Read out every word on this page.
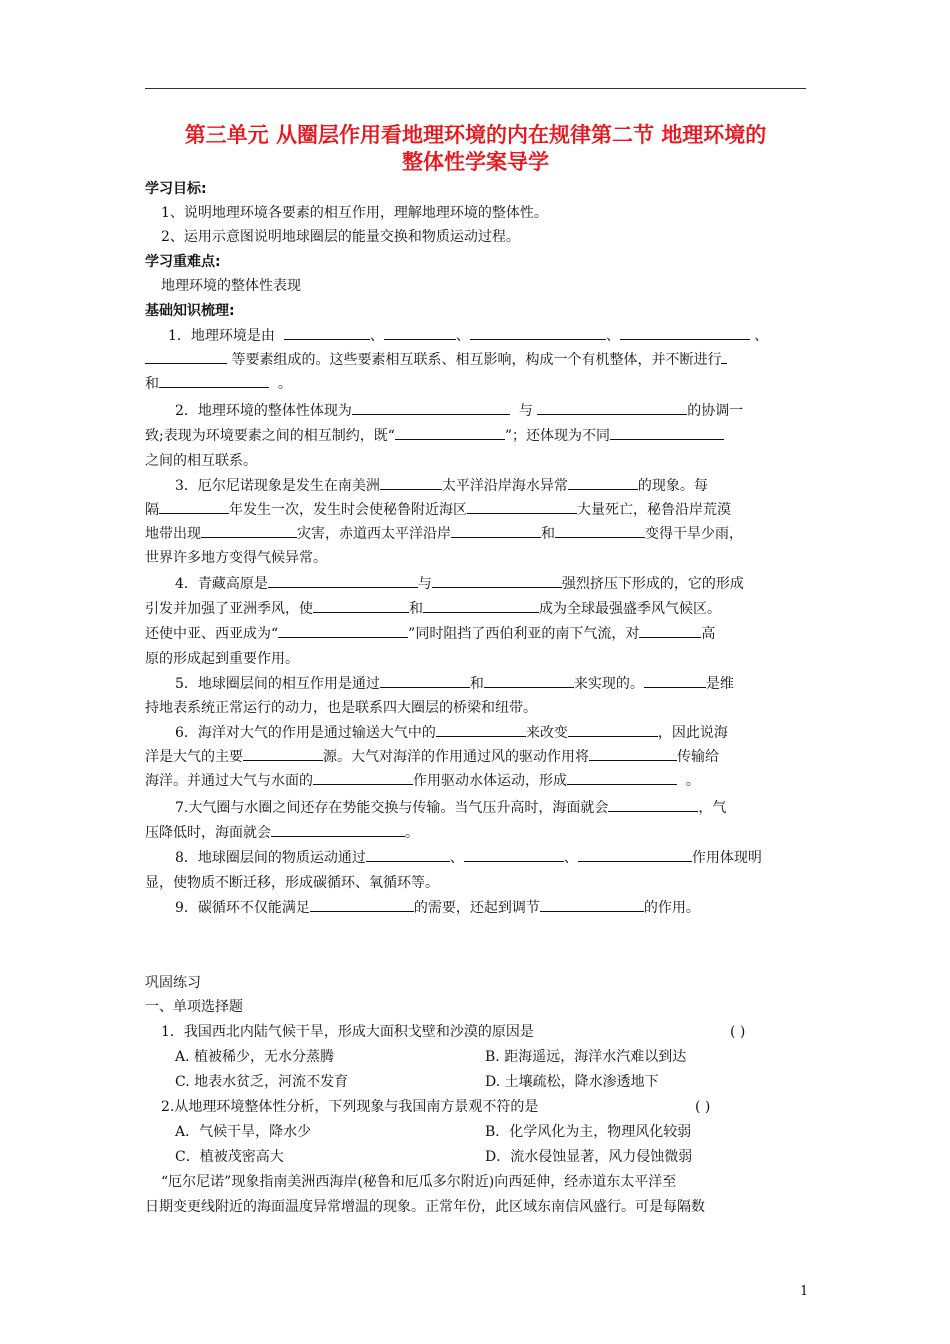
第三单元 从圈层作用看地理环境的内在规律第二节 地理环境的
整体性学案导学
学习目标:
1、说明地理环境各要素的相互作用，理解地理环境的整体性。
2、运用示意图说明地球圈层的能量交换和物质运动过程。
学习重难点:
地理环境的整体性表现
基础知识梳理:
1．地理环境是由	、	、	、	、
等要素组成的。这些要素相互联系、相互影响，构成一个有机整体，并不断进行
和	。
2．地理环境的整体性体现为	与	的协调一
致;表现为环境要素之间的相互制约，既“	”；还体现为不同
之间的相互联系。
3．厄尔尼诺现象是发生在南美洲	太平洋沿岸海水异常	的现象。每
隔	年发生一次，发生时会使秘鲁附近海区	大量死亡，秘鲁沿岸荒漠
地带出现	灾害，赤道西太平洋沿岸	和	变得干旱少雨，
世界许多地方变得气候异常。
4．青藏高原是	与	强烈挤压下形成的，它的形成
引发并加强了亚洲季风，使	和	成为全球最强盛季风气候区。
还使中亚、西亚成为“	”同时阻挡了西伯利亚的南下气流，对	高
原的形成起到重要作用。
5．地球圈层间的相互作用是通过	和	来实现的。	是维
持地表系统正常运行的动力，也是联系四大圈层的桥梁和纽带。
6．海洋对大气的作用是通过输送大气中的	来改变	，因此说海
洋是大气的主要	源。大气对海洋的作用通过风的驱动作用将	传输给
海洋。并通过大气与水面的	作用驱动水体运动，形成	。
7.大气圈与水圈之间还存在势能交换与传输。当气压升高时，海面就会	，气
压降低时，海面就会	。
8．地球圈层间的物质运动通过	、	、	作用体现明
显，使物质不断迁移，形成碳循环、氧循环等。
9．碳循环不仅能满足	的需要，还起到调节	的作用。
巩固练习
一、单项选择题
1．我国西北内陆气候干旱，形成大面积戈壁和沙漠的原因是	( )
A. 植被稀少，无水分蒸腾	B. 距海遥远，海洋水汽难以到达
C. 地表水贫乏，河流不发育	D. 土壤疏松，降水渗透地下
2.从地理环境整体性分析，下列现象与我国南方景观不符的是	( )
A．气候干旱，降水少	B．化学风化为主，物理风化较弱
C．植被茂密高大	D．流水侵蚀显著，风力侵蚀微弱
“厄尔尼诺”现象指南美洲西海岸(秘鲁和厄瓜多尔附近)向西延伸，经赤道东太平洋至
日期变更线附近的海面温度异常增温的现象。正常年份，此区域东南信风盛行。可是每隔数
1
